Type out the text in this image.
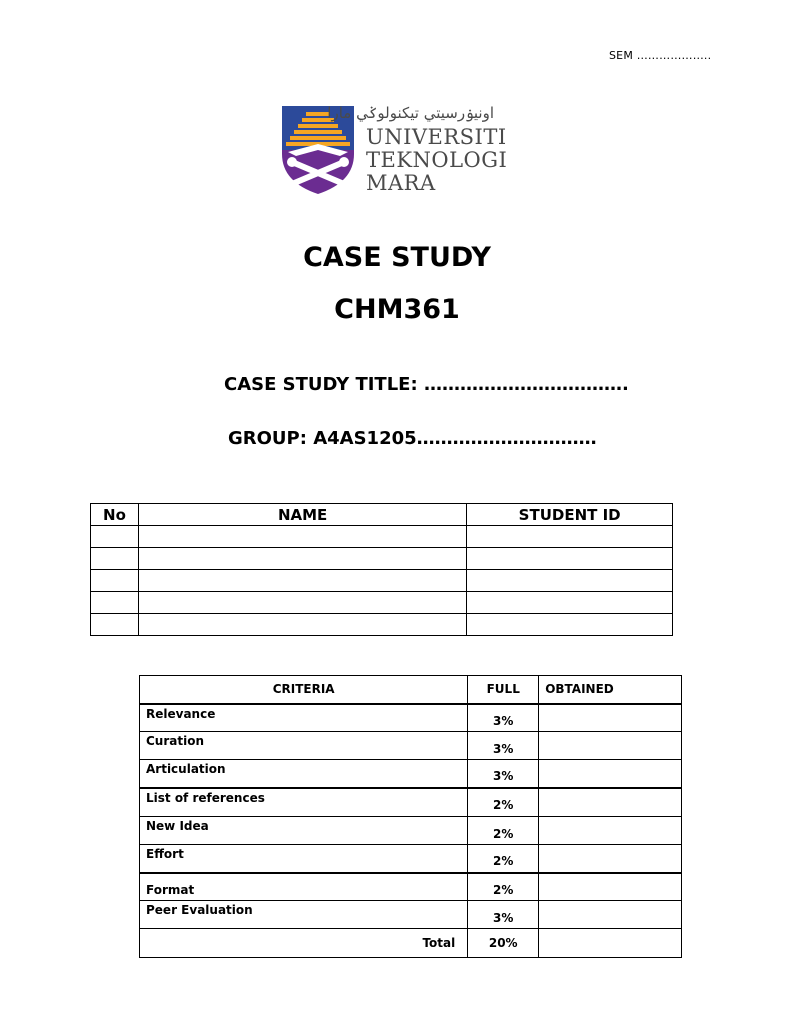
SEM ………………..
اونيۏرسيتي تيكنولوݢي مارا
UNIVERSITI
TEKNOLOGI
MARA
CASE STUDY
CHM361
CASE STUDY TITLE: …………………………….
GROUP: A4AS1205…………………………
No	NAME	STUDENT ID

CRITERIA	FULL	OBTAINED
Relevance	3%	
Curation	3%	
Articulation	3%	
List of references	2%	
New Idea	2%	
Effort	2%	
Format	2%	
Peer Evaluation	3%	
Total	20%	
